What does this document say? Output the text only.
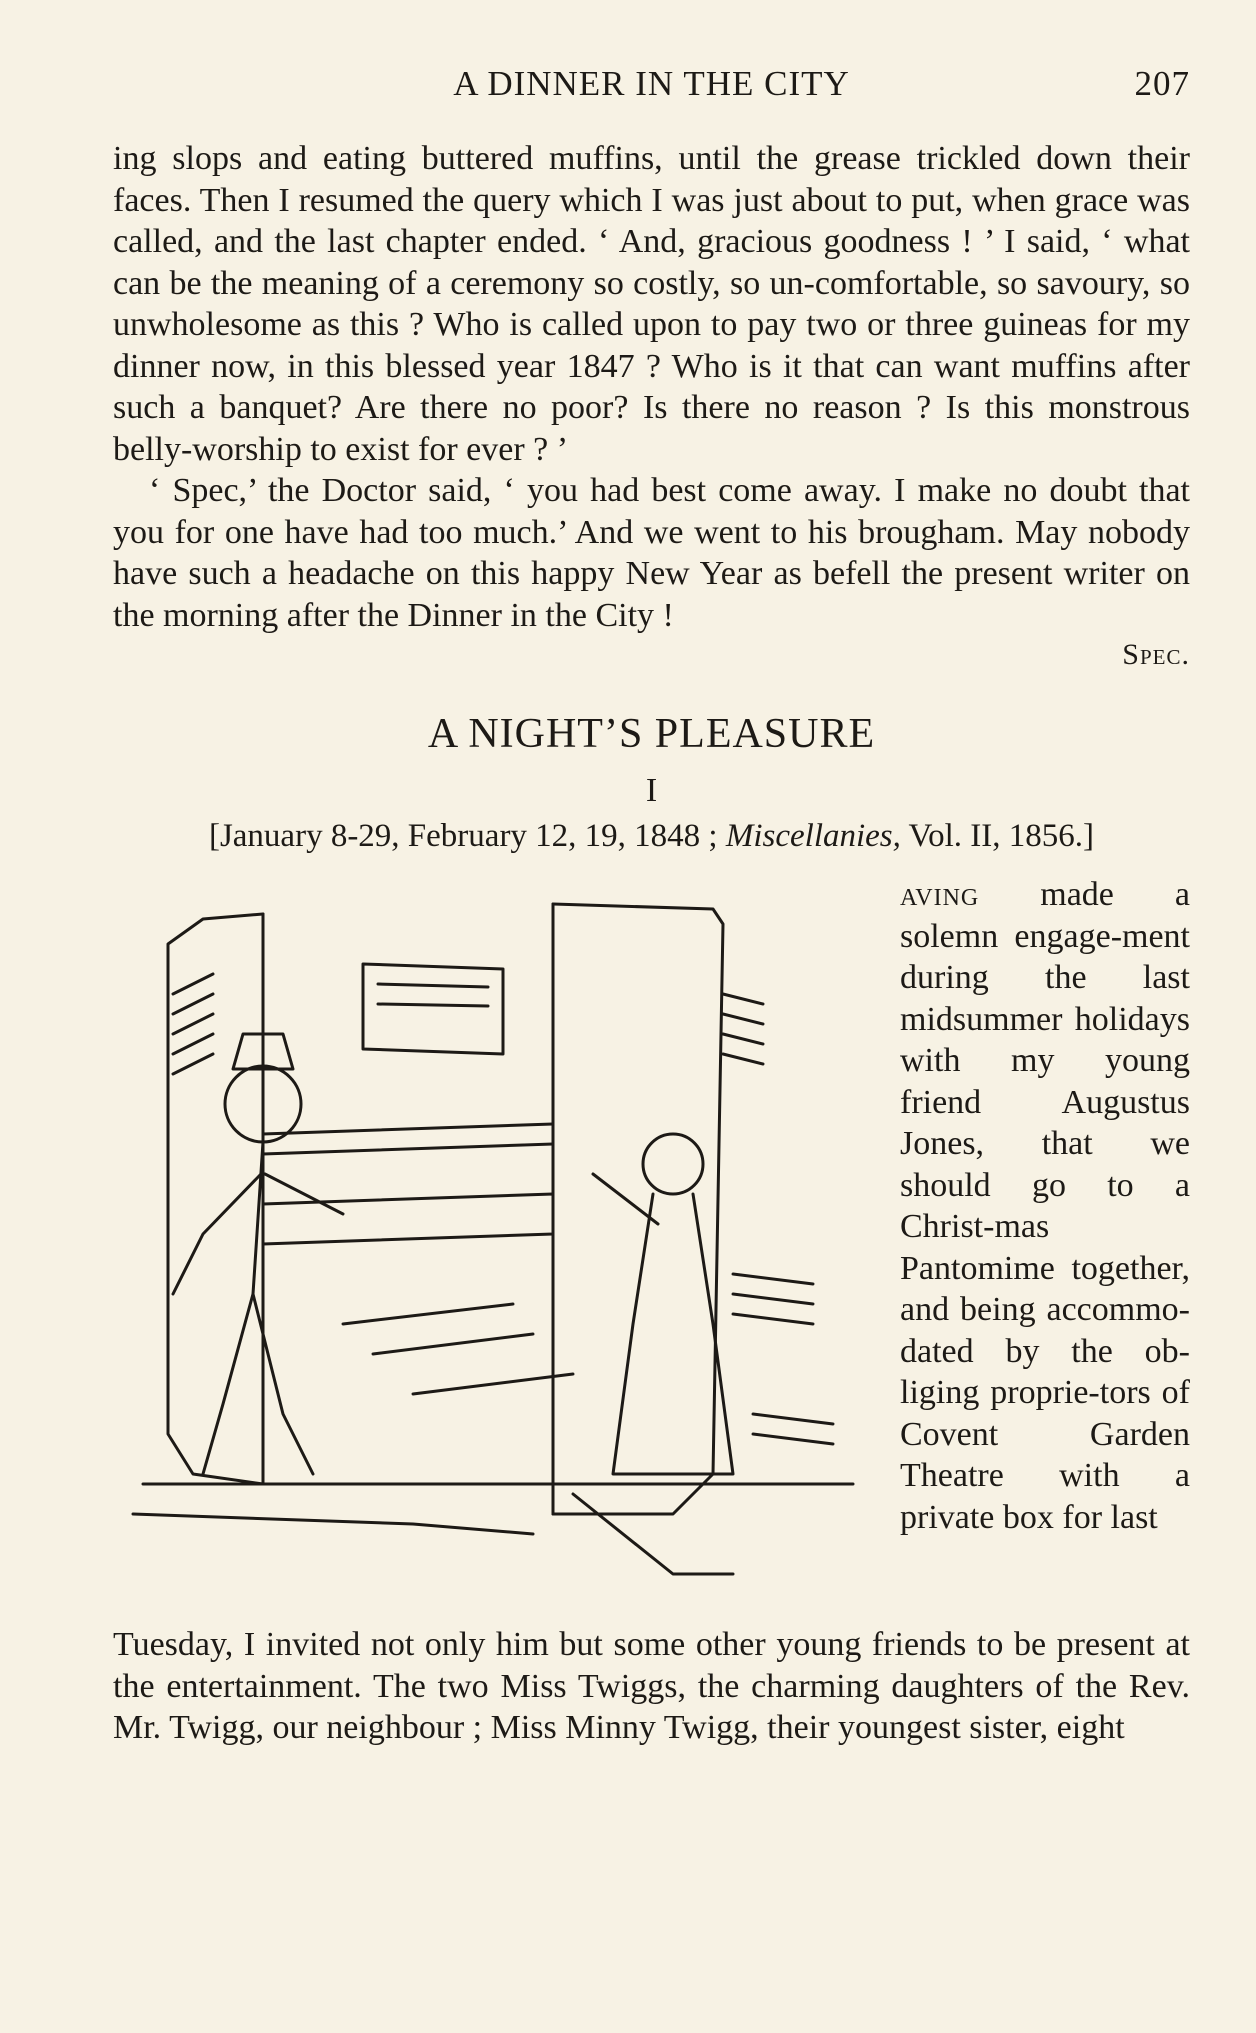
A DINNER IN THE CITY	207

ing slops and eating buttered muffins, until the grease trickled down their faces. Then I resumed the query which I was just about to put, when grace was called, and the last chapter ended. ‘ And, gracious goodness ! ’ I said, ‘ what can be the meaning of a ceremony so costly, so un-comfortable, so savoury, so unwholesome as this ? Who is called upon to pay two or three guineas for my dinner now, in this blessed year 1847 ? Who is it that can want muffins after such a banquet? Are there no poor? Is there no reason ? Is this monstrous belly-worship to exist for ever ? ’

‘ Spec,’ the Doctor said, ‘ you had best come away. I make no doubt that you for one have had too much.’ And we went to his brougham. May nobody have such a headache on this happy New Year as befell the present writer on the morning after the Dinner in the City !

Spec.
A NIGHT’S PLEASURE
I
[January 8-29, February 12, 19, 1848 ; Miscellanies, Vol. II, 1856.]

aving made a solemn engage-ment during the last midsummer holidays with my young friend Augustus Jones, that we should go to a Christ-mas Pantomime together, and being accommo-dated by the ob-liging proprie-tors of Covent Garden Theatre with a private box for last

Tuesday, I invited not only him but some other young friends to be present at the entertainment. The two Miss Twiggs, the charming daughters of the Rev. Mr. Twigg, our neighbour ; Miss Minny Twigg, their youngest sister, eight
